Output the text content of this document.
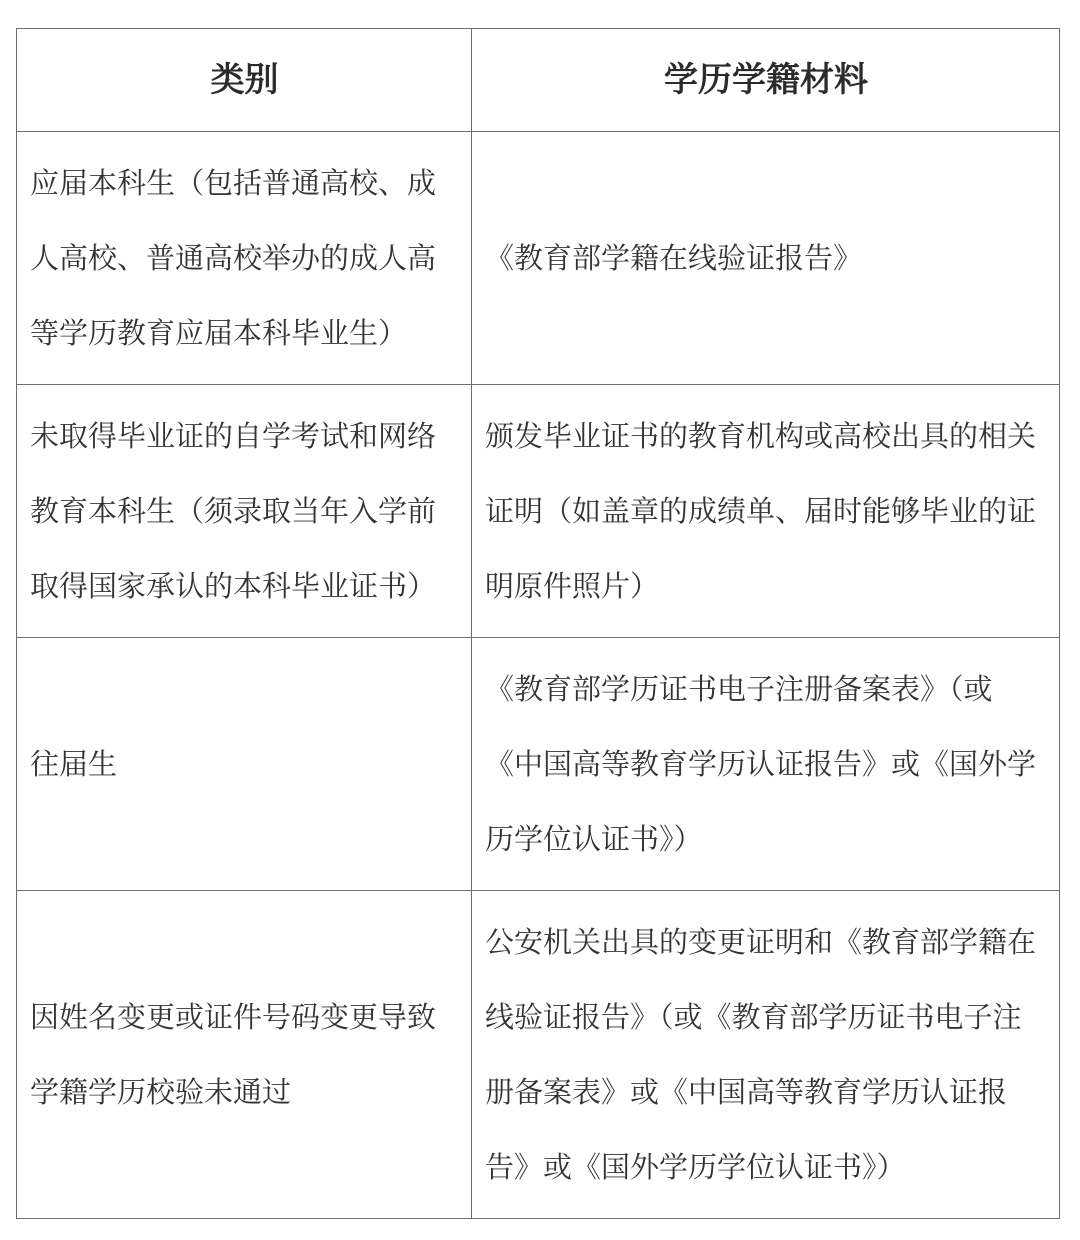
类别	学历学籍材料
应届本科生（包括普通高校、成人高校、普通高校举办的成人高等学历教育应届本科毕业生）	《教育部学籍在线验证报告》
未取得毕业证的自学考试和网络教育本科生（须录取当年入学前取得国家承认的本科毕业证书）	颁发毕业证书的教育机构或高校出具的相关证明（如盖章的成绩单、届时能够毕业的证明原件照片）
往届生	《教育部学历证书电子注册备案表》（或《中国高等教育学历认证报告》或《国外学历学位认证书》）
因姓名变更或证件号码变更导致学籍学历校验未通过	公安机关出具的变更证明和《教育部学籍在线验证报告》（或《教育部学历证书电子注册备案表》或《中国高等教育学历认证报告》或《国外学历学位认证书》）
